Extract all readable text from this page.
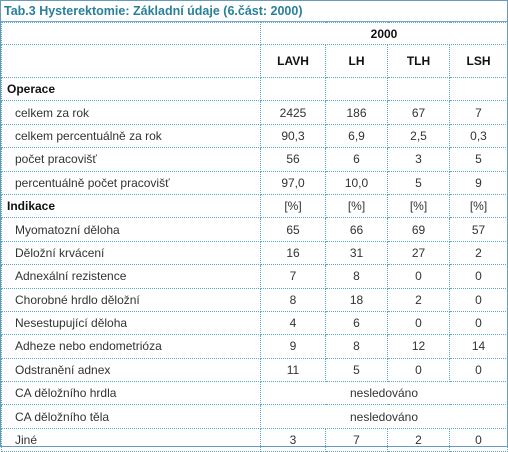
Tab.3 Hysterektomie: Základní údaje (6.část: 2000)
	2000			
	LAVH	LH	TLH	LSH
Operace				
celkem za rok	2425	186	67	7
celkem percentuálně za rok	90,3	6,9	2,5	0,3
počet pracovišť	56	6	3	5
percentuálně počet pracovišť	97,0	10,0	5	9
Indikace	[%]	[%]	[%]	[%]
Myomatozní děloha	65	66	69	57
Děložní krvácení	16	31	27	2
Adnexální rezistence	7	8	0	0
Chorobné hrdlo děložní	8	18	2	0
Nesestupující děloha	4	6	0	0
Adheze nebo endometrióza	9	8	12	14
Odstranění adnex	11	5	0	0
CA děložního hrdla	nesledováno			
CA děložního těla	nesledováno			
Jiné	3	7	2	0
